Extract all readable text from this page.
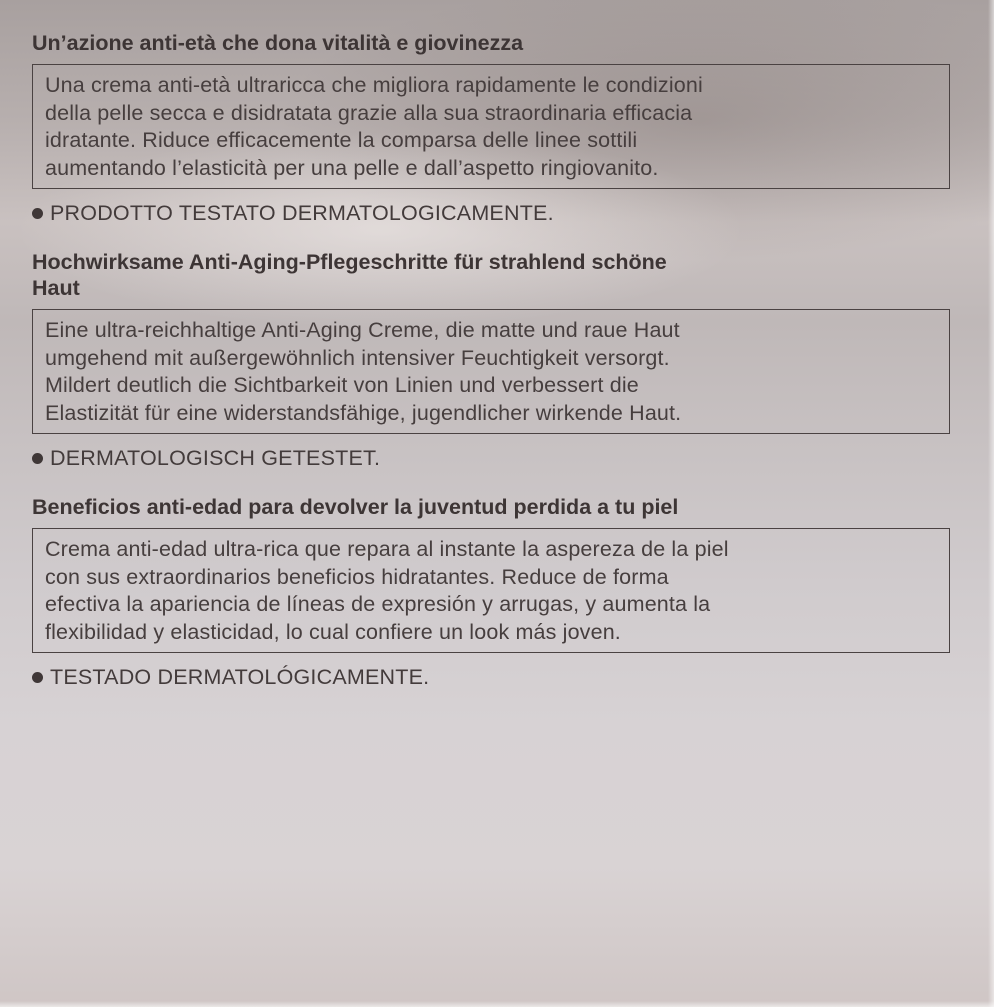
Un’azione anti-età che dona vitalità e giovinezza
Una crema anti-età ultraricca che migliora rapidamente le condizioni
della pelle secca e disidratata grazie alla sua straordinaria efficacia
idratante. Riduce efficacemente la comparsa delle linee sottili
aumentando l’elasticità per una pelle e dall’aspetto ringiovanito.
PRODOTTO TESTATO DERMATOLOGICAMENTE.
Hochwirksame Anti-Aging-Pflegeschritte für strahlend schöne
Haut
Eine ultra-reichhaltige Anti-Aging Creme, die matte und raue Haut
umgehend mit außergewöhnlich intensiver Feuchtigkeit versorgt.
Mildert deutlich die Sichtbarkeit von Linien und verbessert die
Elastizität für eine widerstandsfähige, jugendlicher wirkende Haut.
DERMATOLOGISCH GETESTET.
Beneficios anti-edad para devolver la juventud perdida a tu piel
Crema anti-edad ultra-rica que repara al instante la aspereza de la piel
con sus extraordinarios beneficios hidratantes. Reduce de forma
efectiva la apariencia de líneas de expresión y arrugas, y aumenta la
flexibilidad y elasticidad, lo cual confiere un look más joven.
TESTADO DERMATOLÓGICAMENTE.
